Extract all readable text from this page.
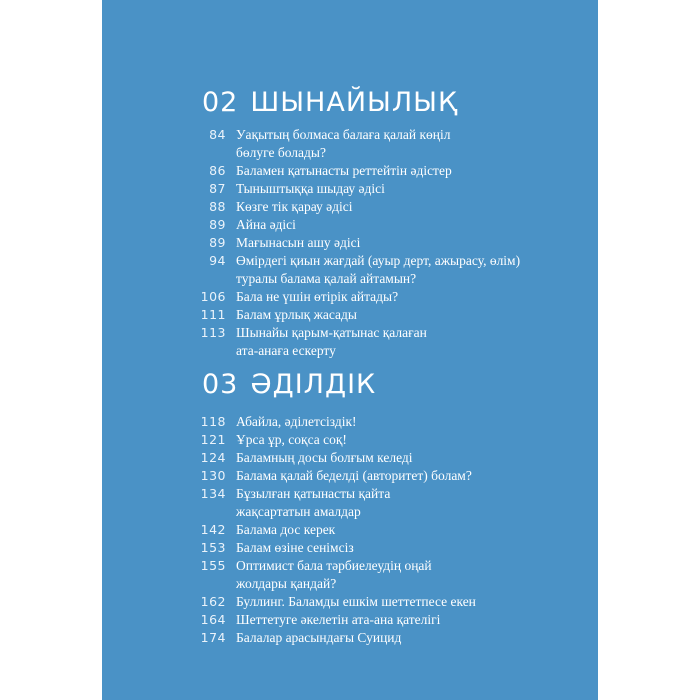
02 ШЫНАЙЫЛЫҚ
84 Уақытың болмаса балаға қалай көңіл
бөлуге болады?
86 Баламен қатынасты реттейтін әдістер
87 Тыныштыққа шыдау әдісі
88 Көзге тік қарау әдісі
89 Айна әдісі
89 Мағынасын ашу әдісі
94 Өмірдегі қиын жағдай (ауыр дерт, ажырасу, өлім)
туралы балама қалай айтамын?
106 Бала не үшін өтірік айтады?
111 Балам ұрлық жасады
113 Шынайы қарым-қатынас қалаған
ата-анаға ескерту
03 ӘДІЛДІК
118 Абайла, әділетсіздік!
121 Ұрса ұр, соқса соқ!
124 Баламның досы болғым келеді
130 Балама қалай беделді (авторитет) болам?
134 Бұзылған қатынасты қайта
жақсартатын амалдар
142 Балама дос керек
153 Балам өзіне сенімсіз
155 Оптимист бала тәрбиелеудің оңай
жолдары қандай?
162 Буллинг. Баламды ешкім шеттетпесе екен
164 Шеттетуге әкелетін ата-ана қателігі
174 Балалар арасындағы Суицид
